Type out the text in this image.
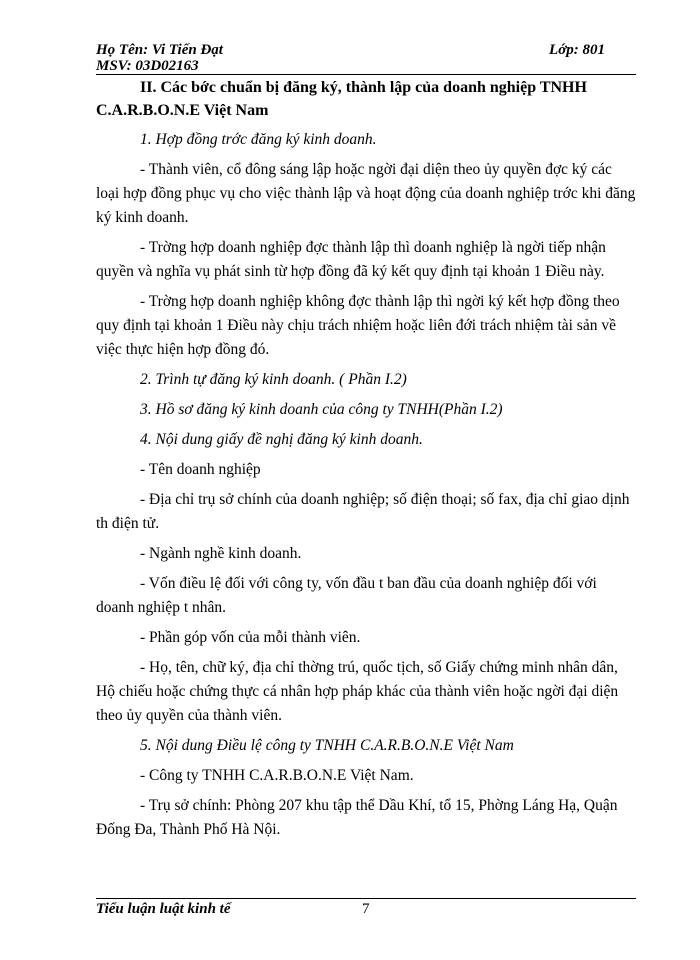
Họ Tên: Vi Tiến Đạt
MSV: 03D02163
Lớp: 801

II. Các bớc chuẩn bị đăng ký, thành lập của doanh nghiệp TNHH C.A.R.B.O.N.E Việt Nam

1. Hợp đồng trớc đăng ký kinh doanh.

- Thành viên, cổ đông sáng lập hoặc ngời đại diện theo ủy quyền đợc ký các loại hợp đồng phục vụ cho việc thành lập và hoạt động của doanh nghiệp trớc khi đăng ký kinh doanh.

- Trờng hợp doanh nghiệp đợc thành lập thì doanh nghiệp là ngời tiếp nhận quyền và nghĩa vụ phát sinh từ hợp đồng đã ký kết quy định tại khoản 1 Điều này.

- Trờng hợp doanh nghiệp không đợc thành lập thì ngời ký kết hợp đồng theo quy định tại khoản 1 Điều này chịu trách nhiệm hoặc liên đới trách nhiệm tài sản về việc thực hiện hợp đồng đó.

2. Trình tự đăng ký kinh doanh. ( Phần I.2)

3. Hồ sơ đăng ký kinh doanh của công ty TNHH(Phần I.2)

4. Nội dung giấy đề nghị đăng ký kinh doanh.

- Tên doanh nghiệp

- Địa chỉ trụ sở chính của doanh nghiệp; số điện thoại; số fax, địa chỉ giao dịnh th điện tử.

- Ngành nghề kinh doanh.

- Vốn điều lệ đối với công ty, vốn đầu t ban đầu của doanh nghiệp đối với doanh nghiệp t nhân.

- Phần góp vốn của mỗi thành viên.

- Họ, tên, chữ ký, địa chỉ thờng trú, quốc tịch, số Giấy chứng minh nhân dân, Hộ chiếu hoặc chứng thực cá nhân hợp pháp khác của thành viên hoặc ngời đại diện theo ủy quyền của thành viên.

5. Nội dung Điều lệ công ty TNHH C.A.R.B.O.N.E Việt Nam

- Công ty TNHH C.A.R.B.O.N.E Việt Nam.

- Trụ sở chính: Phòng 207 khu tập thể Dầu Khí, tổ 15, Phờng Láng Hạ, Quận Đống Đa, Thành Phố Hà Nội.

Tiểu luận luật kinh tế	7
